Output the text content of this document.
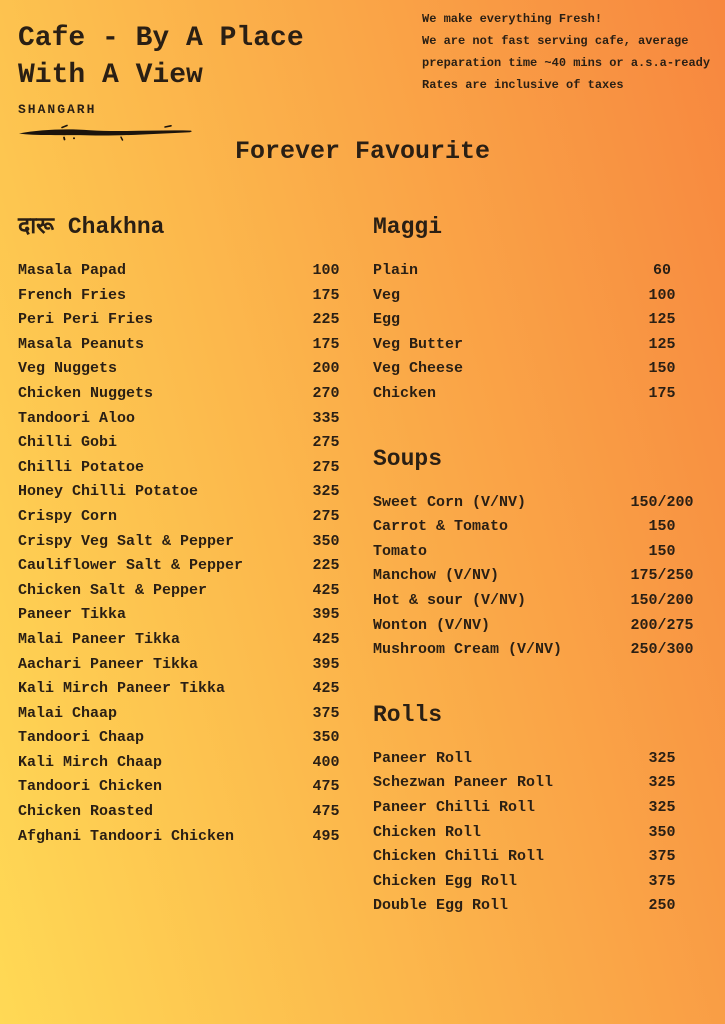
Cafe - By A Place
With A View
SHANGARH
We make everything Fresh!
We are not fast serving cafe, average
preparation time ~40 mins or a.s.a-ready
Rates are inclusive of taxes
Forever Favourite
दारू Chakhna
Masala Papad	100
French Fries	175
Peri Peri Fries	225
Masala Peanuts	175
Veg Nuggets	200
Chicken Nuggets	270
Tandoori Aloo	335
Chilli Gobi	275
Chilli Potatoe	275
Honey Chilli Potatoe	325
Crispy Corn	275
Crispy Veg Salt & Pepper	350
Cauliflower Salt & Pepper	225
Chicken Salt & Pepper	425
Paneer Tikka	395
Malai Paneer Tikka	425
Aachari Paneer Tikka	395
Kali Mirch Paneer Tikka	425
Malai Chaap	375
Tandoori Chaap	350
Kali Mirch Chaap	400
Tandoori Chicken	475
Chicken Roasted	475
Afghani Tandoori Chicken	495
Maggi
Plain	60
Veg	100
Egg	125
Veg Butter	125
Veg Cheese	150
Chicken	175
Soups
Sweet Corn (V/NV)	150/200
Carrot & Tomato	150
Tomato	150
Manchow (V/NV)	175/250
Hot & sour (V/NV)	150/200
Wonton (V/NV)	200/275
Mushroom Cream (V/NV)	250/300
Rolls
Paneer Roll	325
Schezwan Paneer Roll	325
Paneer Chilli Roll	325
Chicken Roll	350
Chicken Chilli Roll	375
Chicken Egg Roll	375
Double Egg Roll	250
